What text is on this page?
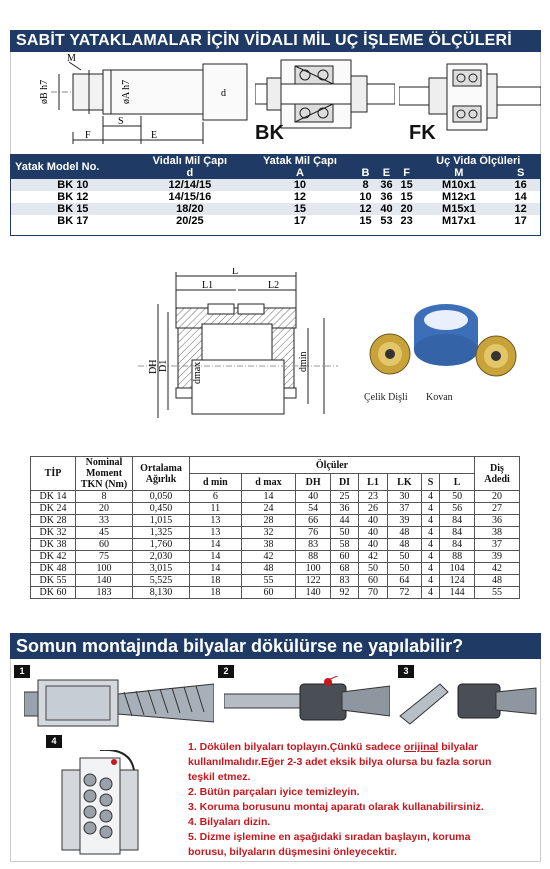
SABİT YATAKLAMALAR İÇİN VİDALI MİL UÇ İŞLEME ÖLÇÜLERİ
M
øB h7	øA h7	d
S
F	E	BK	FK
Yatak Model No.	Vidalı Mil Çapı	Yatak Mil Çapı				Uç Vida Ölçüleri	
	d	A	B	E	F	M	S
BK 10	12/14/15	10	8	36	15	M10x1	16
BK 12	14/15/16	12	10	36	15	M12x1	14
BK 15	18/20	15	12	40	20	M15x1	12
BK 17	20/25	17	15	53	23	M17x1	17
L
L1	L2
DH D1 dmax
dmin
Çelik Dişli Kovan
TİP	Nominal Moment TKN (Nm)	Ortalama Ağırlık	Ölçüler								Diş Adedi
			d min	d max	DH	DI	L1	LK	S	L	
DK 14	8	0,050	6	14	40	25	23	30	4	50	20
DK 24	20	0,450	11	24	54	36	26	37	4	56	27
DK 28	33	1,015	13	28	66	44	40	39	4	84	36
DK 32	45	1,325	13	32	76	50	40	48	4	84	38
DK 38	60	1,760	14	38	83	58	40	48	4	84	37
DK 42	75	2,030	14	42	88	60	42	50	4	88	39
DK 48	100	3,015	14	48	100	68	50	50	4	104	42
DK 55	140	5,525	18	55	122	83	60	64	4	124	48
DK 60	183	8,130	18	60	140	92	70	72	4	144	55
Somun montajında bilyalar dökülürse ne yapılabilir?
1	2	3
4	1. Dökülen bilyaları toplayın.Çünkü sadece orijinal bilyalar
kullanılmalıdır.Eğer 2-3 adet eksik bilya olursa bu fazla sorun
teşkil etmez.
2. Bütün parçaları iyice temizleyin.
3. Koruma borusunu montaj aparatı olarak kullanabilirsiniz.
4. Bilyaları dizin.
5. Dizme işlemine en aşağıdaki sıradan başlayın, koruma
borusu, bilyaların düşmesini önleyecektir.
